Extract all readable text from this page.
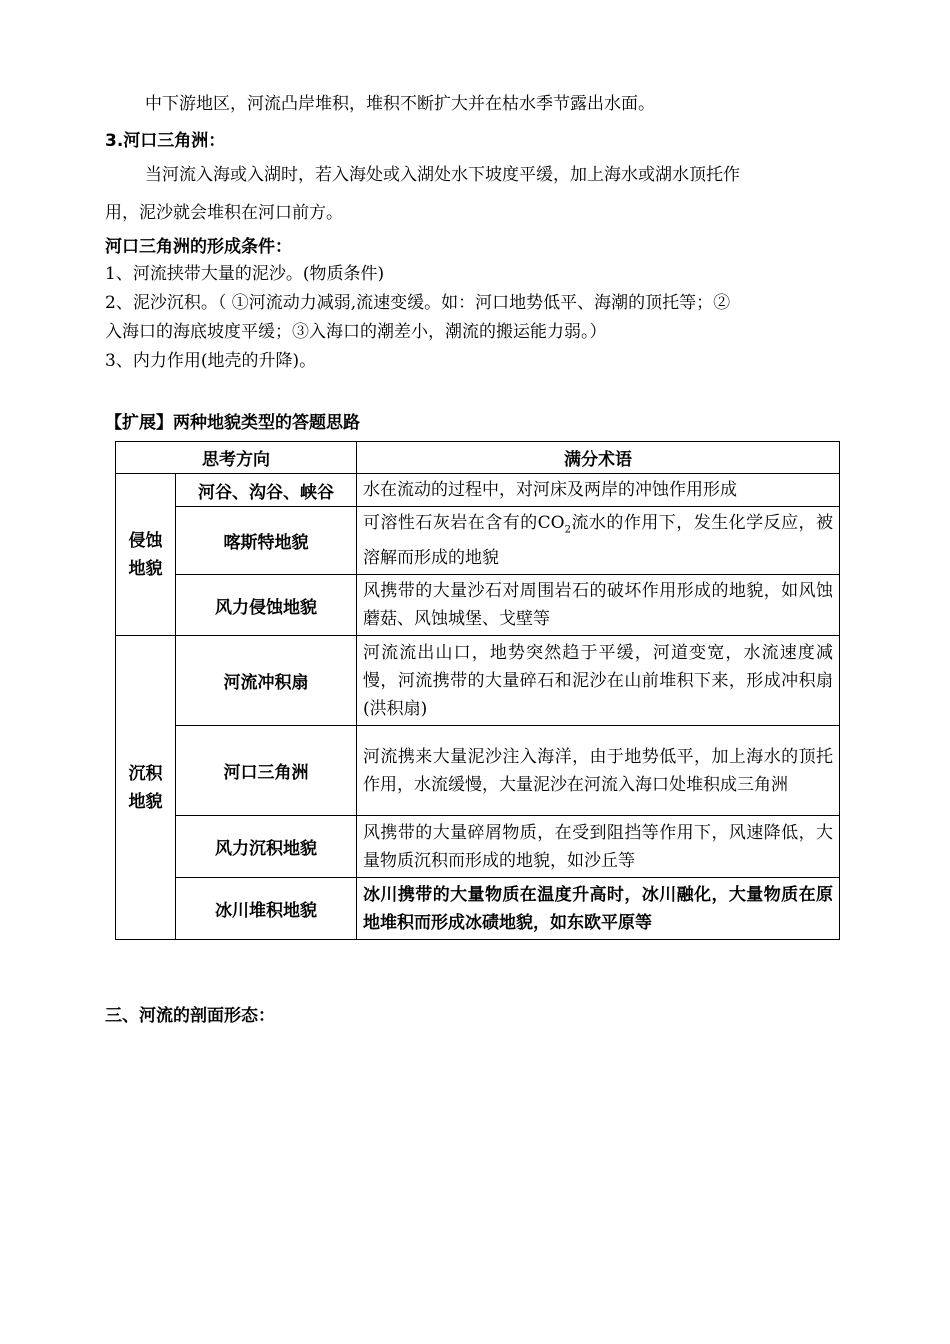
中下游地区，河流凸岸堆积，堆积不断扩大并在枯水季节露出水面。
3.河口三角洲：
当河流入海或入湖时，若入海处或入湖处水下坡度平缓，加上海水或湖水顶托作
用，泥沙就会堆积在河口前方。
河口三角洲的形成条件：
1、河流挟带大量的泥沙。(物质条件)
2、泥沙沉积。（ ①河流动力减弱,流速变缓。如：河口地势低平、海潮的顶托等；②
入海口的海底坡度平缓；③入海口的潮差小，潮流的搬运能力弱。）
3、内力作用(地壳的升降)。
【扩展】两种地貌类型的答题思路
思考方向		满分术语

侵蚀地貌	河谷、沟谷、峡谷	水在流动的过程中，对河床及两岸的冲蚀作用形成
	喀斯特地貌	可溶性石灰岩在含有的$CO_2$流水的作用下，发生化学反应，被溶解而形成的地貌
	风力侵蚀地貌	风携带的大量沙石对周围岩石的破坏作用形成的地貌，如风蚀蘑菇、风蚀城堡、戈壁等

沉积地貌	河流冲积扇	河流流出山口，地势突然趋于平缓，河道变宽，水流速度减慢，河流携带的大量碎石和泥沙在山前堆积下来，形成冲积扇(洪积扇)
	河口三角洲	河流携来大量泥沙注入海洋，由于地势低平，加上海水的顶托作用，水流缓慢，大量泥沙在河流入海口处堆积成三角洲
	风力沉积地貌	风携带的大量碎屑物质，在受到阻挡等作用下，风速降低，大量物质沉积而形成的地貌，如沙丘等
	冰川堆积地貌	冰川携带的大量物质在温度升高时，冰川融化，大量物质在原地堆积而形成冰碛地貌，如东欧平原等
三、河流的剖面形态：
